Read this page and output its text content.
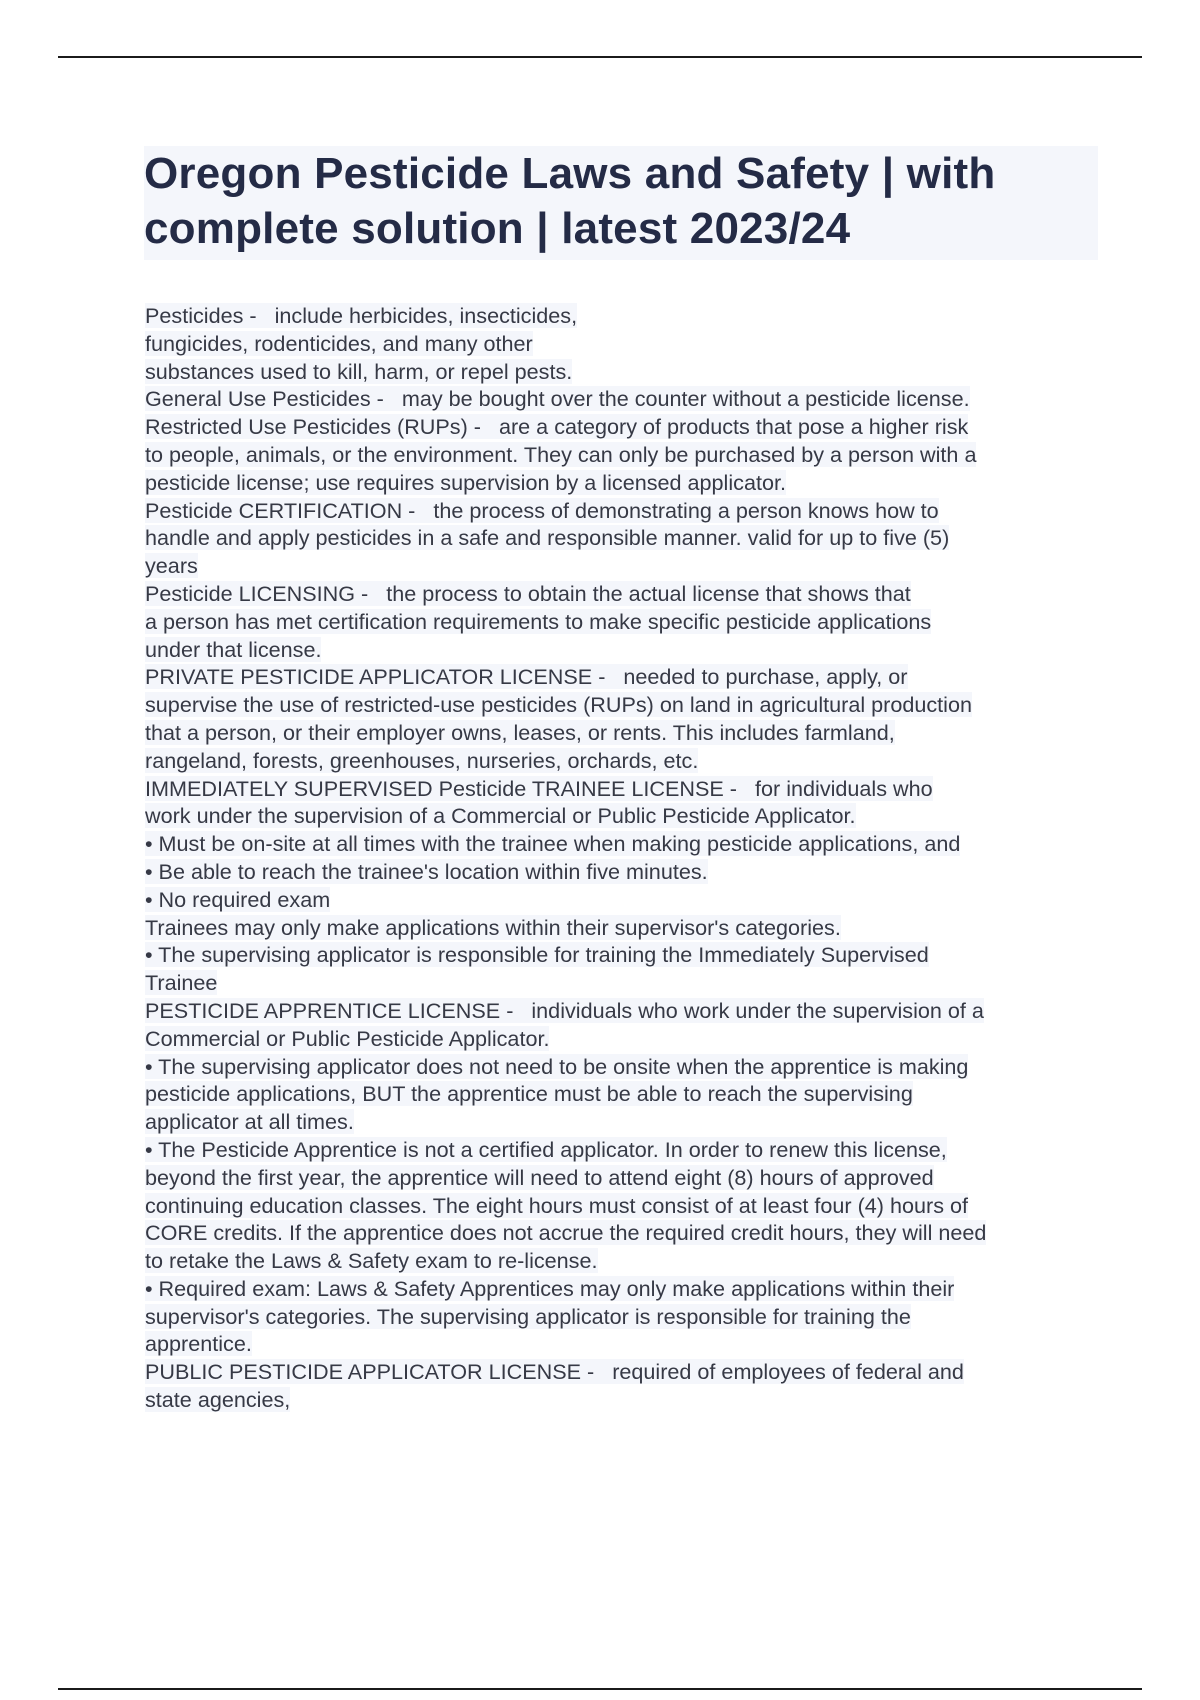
Oregon Pesticide Laws and Safety | with
complete solution | latest 2023/24
Pesticides -   include herbicides, insecticides,
fungicides, rodenticides, and many other
substances used to kill, harm, or repel pests.
General Use Pesticides -   may be bought over the counter without a pesticide license.
Restricted Use Pesticides (RUPs) -   are a category of products that pose a higher risk
to people, animals, or the environment. They can only be purchased by a person with a
pesticide license; use requires supervision by a licensed applicator.
Pesticide CERTIFICATION -   the process of demonstrating a person knows how to
handle and apply pesticides in a safe and responsible manner. valid for up to five (5)
years
Pesticide LICENSING -   the process to obtain the actual license that shows that
a person has met certification requirements to make specific pesticide applications
under that license.
PRIVATE PESTICIDE APPLICATOR LICENSE -   needed to purchase, apply, or
supervise the use of restricted-use pesticides (RUPs) on land in agricultural production
that a person, or their employer owns, leases, or rents. This includes farmland,
rangeland, forests, greenhouses, nurseries, orchards, etc.
IMMEDIATELY SUPERVISED Pesticide TRAINEE LICENSE -   for individuals who
work under the supervision of a Commercial or Public Pesticide Applicator.
• Must be on-site at all times with the trainee when making pesticide applications, and
• Be able to reach the trainee's location within five minutes.
• No required exam
Trainees may only make applications within their supervisor's categories.
• The supervising applicator is responsible for training the Immediately Supervised
Trainee
PESTICIDE APPRENTICE LICENSE -   individuals who work under the supervision of a
Commercial or Public Pesticide Applicator.
• The supervising applicator does not need to be onsite when the apprentice is making
pesticide applications, BUT the apprentice must be able to reach the supervising
applicator at all times.
• The Pesticide Apprentice is not a certified applicator. In order to renew this license,
beyond the first year, the apprentice will need to attend eight (8) hours of approved
continuing education classes. The eight hours must consist of at least four (4) hours of
CORE credits. If the apprentice does not accrue the required credit hours, they will need
to retake the Laws & Safety exam to re-license.
• Required exam: Laws & Safety Apprentices may only make applications within their
supervisor's categories. The supervising applicator is responsible for training the
apprentice.
PUBLIC PESTICIDE APPLICATOR LICENSE -   required of employees of federal and
state agencies,
